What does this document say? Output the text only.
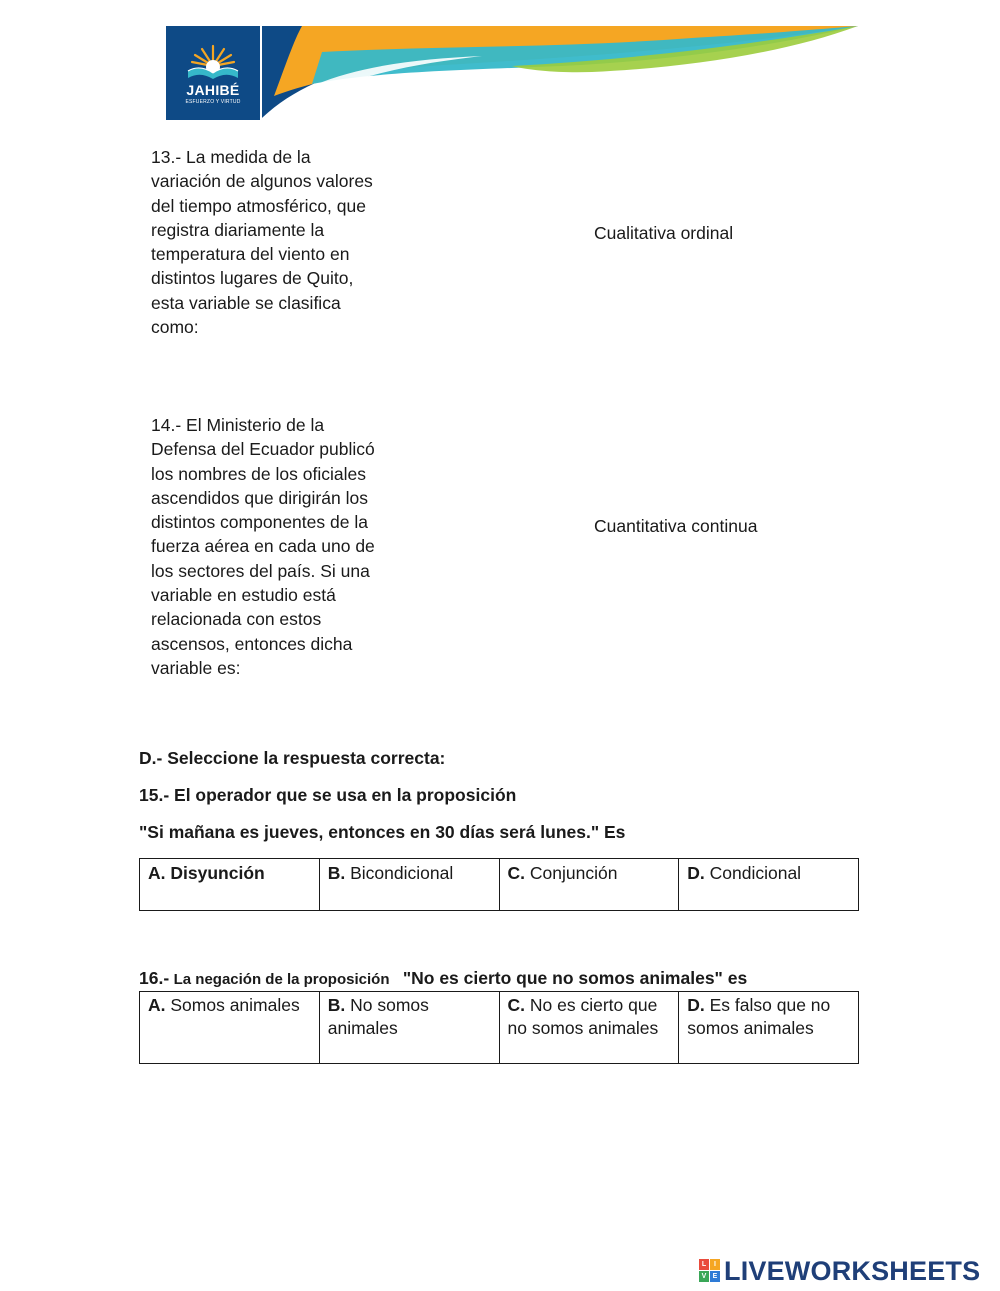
JAHIBÉ
ESFUERZO Y VIRTUD
13.- La medida de la
variación de algunos valores
del tiempo atmosférico, que
registra diariamente la
temperatura del viento en
distintos lugares de Quito,
esta variable se clasifica
como:
Cualitativa ordinal
14.- El Ministerio de la
Defensa del Ecuador publicó
los nombres de los oficiales
ascendidos que dirigirán los
distintos componentes de la
fuerza aérea en cada uno de
los sectores del país. Si una
variable en estudio está
relacionada con estos
ascensos, entonces dicha
variable es:
Cuantitativa continua
D.- Seleccione la respuesta correcta:
15.- El operador que se usa en la proposición
"Si mañana es jueves, entonces en 30 días será lunes." Es
A. Disyunción	B. Bicondicional	C. Conjunción	D. Condicional
16.- La negación de la proposición "No es cierto que no somos animales" es
A. Somos animales	B. No somos animales	C. No es cierto que no somos animales	D. Es falso que no somos animales
L	I
V E LIVEWORKSHEETS
